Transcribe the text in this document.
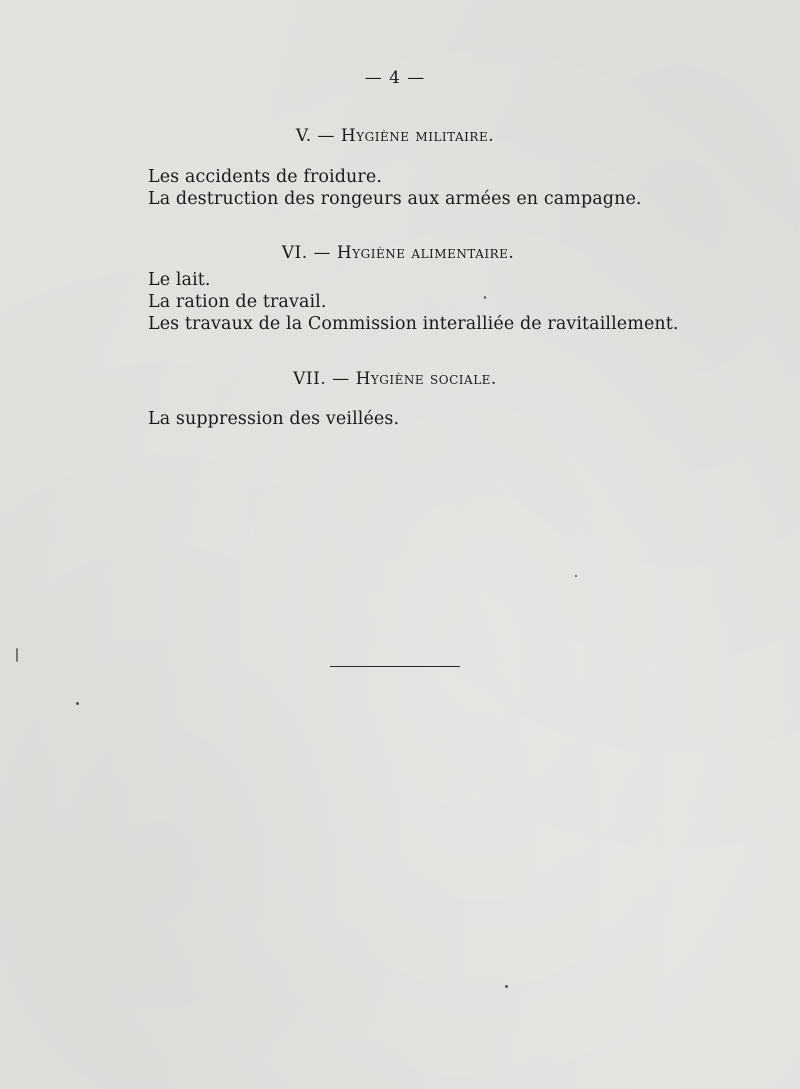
— 4 —
V. — Hygiène militaire.
Les accidents de froidure.
La destruction des rongeurs aux armées en campagne.
VI. — Hygiène alimentaire.
Le lait.
La ration de travail.
Les travaux de la Commission interalliée de ravitaillement.
VII. — Hygiène sociale.
La suppression des veillées.
